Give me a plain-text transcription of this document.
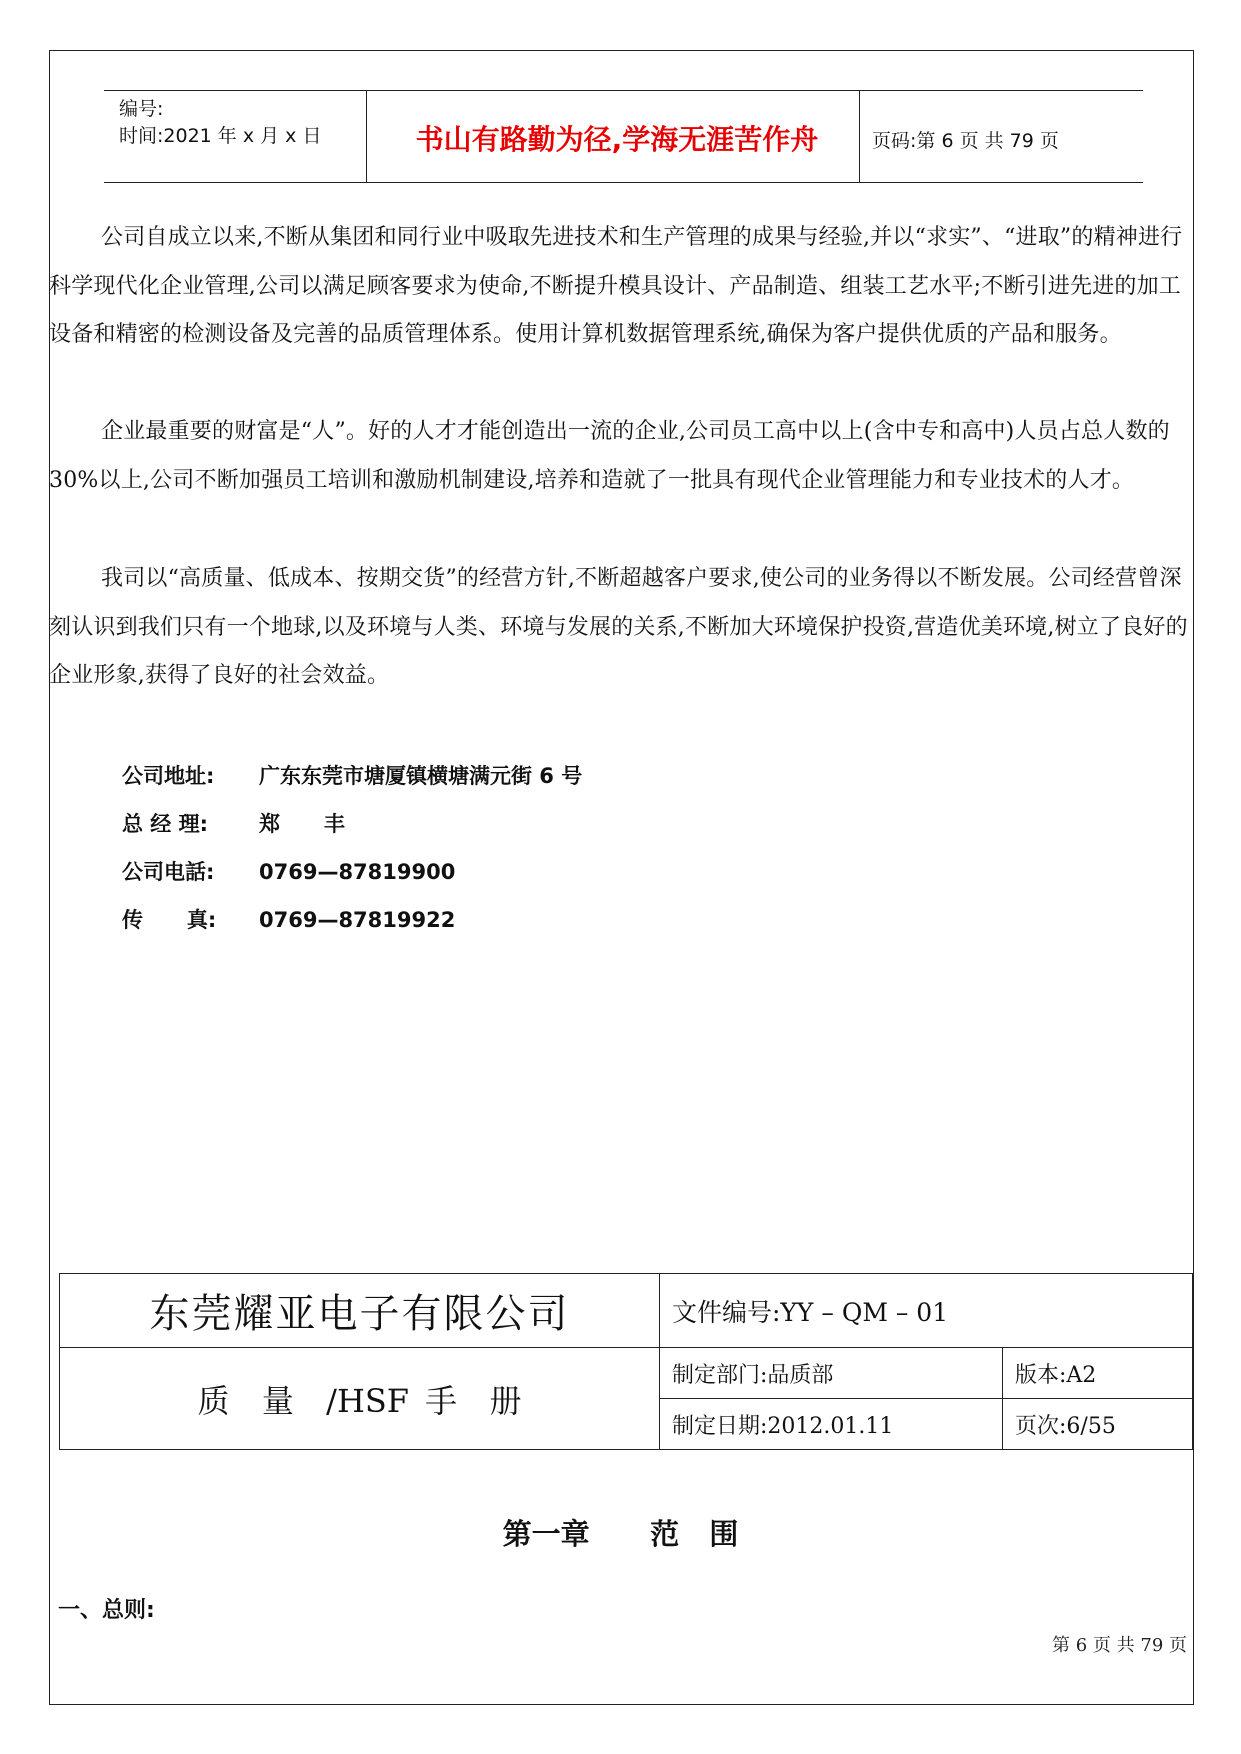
编号:
时间:2021 年 x 月 x 日	书山有路勤为径,学海无涯苦作舟	页码:第 6 页 共 79 页

公司自成立以来,不断从集团和同行业中吸取先进技术和生产管理的成果与经验,并以“求实”、“进取”的精神进行科学现代化企业管理,公司以满足顾客要求为使命,不断提升模具设计、产品制造、组装工艺水平;不断引进先进的加工设备和精密的检测设备及完善的品质管理体系。使用计算机数据管理系统,确保为客户提供优质的产品和服务。

企业最重要的财富是“人”。好的人才才能创造出一流的企业,公司员工高中以上(含中专和高中)人员占总人数的 30%以上,公司不断加强员工培训和激励机制建设,培养和造就了一批具有现代企业管理能力和专业技术的人才。

我司以“高质量、低成本、按期交货”的经营方针,不断超越客户要求,使公司的业务得以不断发展。公司经营曾深刻认识到我们只有一个地球,以及环境与人类、环境与发展的关系,不断加大环境保护投资,营造优美环境,树立了良好的企业形象,获得了良好的社会效益。

公司地址: 广东东莞市塘厦镇横塘满元街 6 号
总 经 理: 郑      丰
公司电話: 0769—87819900
传      真: 0769—87819922
东莞耀亚电子有限公司	文件编号:YY – QM – 01	
质  量  /HSF 手  册	制定部门:品质部	版本:A2
	制定日期:2012.01.11	页次:6/55
第一章      范   围
一、总则:
第 6 页 共 79 页
